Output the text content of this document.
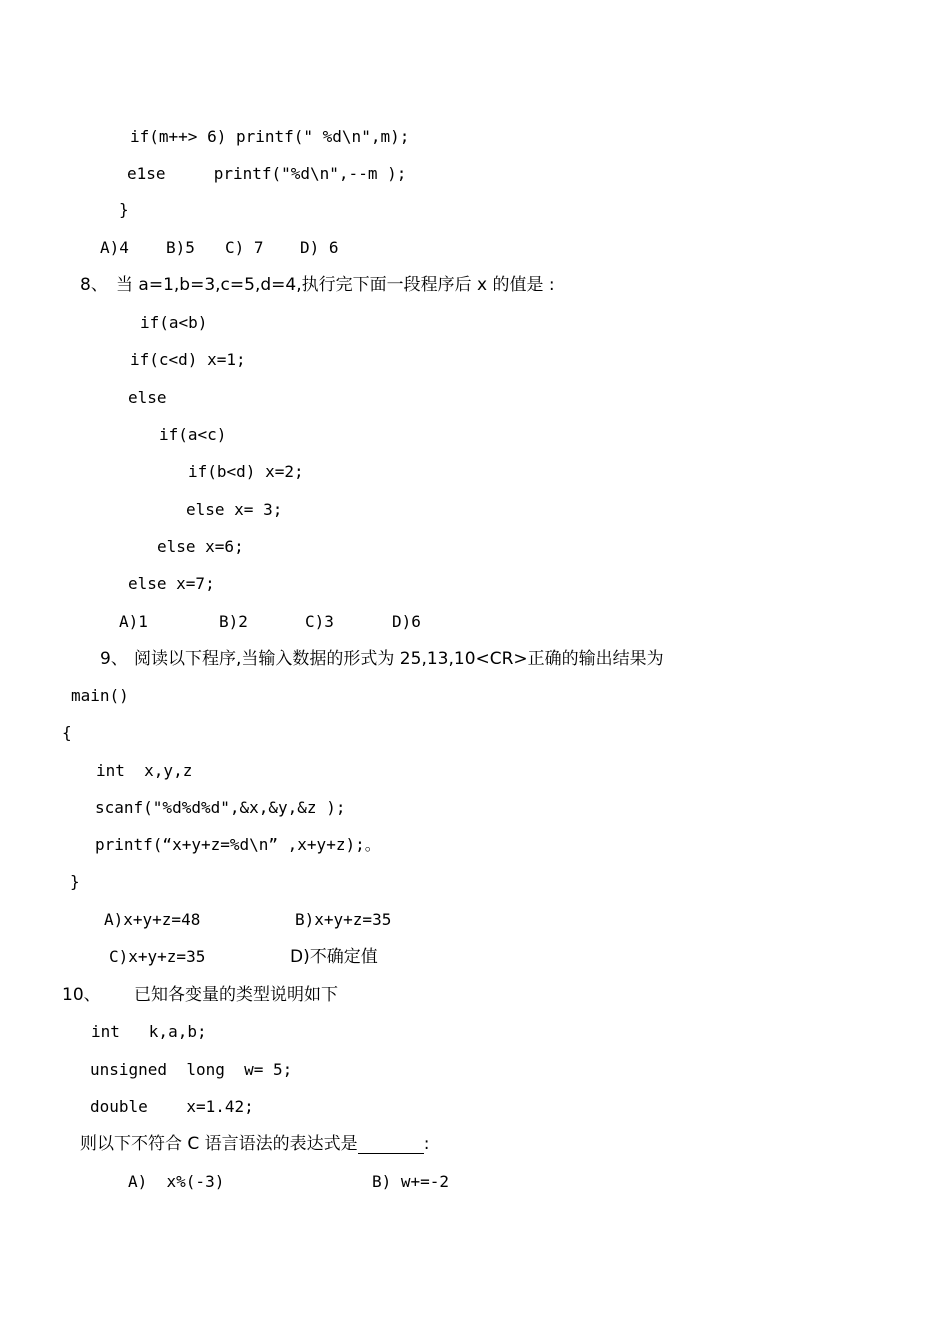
if(m++> 6) printf(" %d\n",m);
e1se     printf("%d\n",--m );
}
A)4 B)5 C) 7 D) 6
8、 当 a=1,b=3,c=5,d=4,执行完下面一段程序后 x 的值是 :
if(a<b)
if(c<d) x=1;
else
if(a<c)
if(b<d) x=2;
else x= 3;
else x=6;
else x=7;
A)1	B)2	C)3	D)6
9、 阅读以下程序,当输入数据的形式为 25,13,10<CR>正确的输出结果为
main()
{
int  x,y,z
scanf("%d%d%d",&x,&y,&z );
printf(“x+y+z=%d\n” ,x+y+z);。
}
A)x+y+z=48	B)x+y+z=35
C)x+y+z=35	D)不确定值
10、 已知各变量的类型说明如下
int   k,a,b;
unsigned  long  w= 5;
double    x=1.42;
则以下不符合 C 语言语法的表达式是	:
A)  x%(-3)	B) w+=-2
